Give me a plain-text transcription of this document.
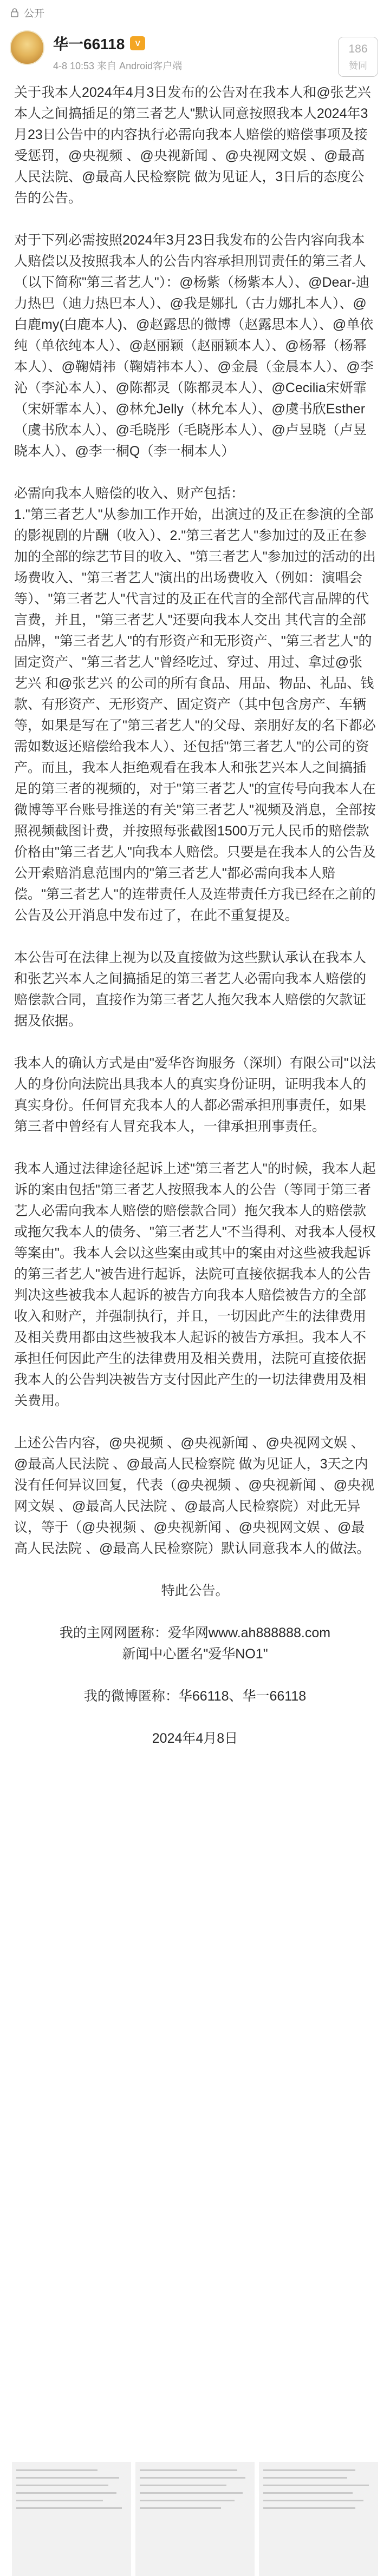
公开
华一66118	V
4-8 10:53 来自 Android客户端
186
赞同

关于我本人2024年4月3日发布的公告对在我本人和@张艺兴 本人之间搞插足的第三者艺人"默认同意按照我本人2024年3月23日公告中的内容执行必需向我本人赔偿的赔偿事项及接受惩罚，@央视频 、@央视新闻 、@央视网文娱 、@最高人民法院、@最高人民检察院 做为见证人，3日后的态度公告的公告。

对于下列必需按照2024年3月23日我发布的公告内容向我本人赔偿以及按照我本人的公告内容承担刑罚责任的第三者人（以下简称"第三者艺人"）：@杨紫（杨紫本人）、@Dear-迪力热巴（迪力热巴本人）、@我是娜扎（古力娜扎本人）、@白鹿my(白鹿本人)、@赵露思的微博（赵露思本人）、@单依纯（单依纯本人）、@赵丽颖（赵丽颖本人）、@杨幂（杨幂本人）、@鞠婧祎（鞠婧祎本人）、@金晨（金晨本人）、@李沁（李沁本人）、@陈都灵（陈都灵本人）、@Cecilia宋妍霏（宋妍霏本人）、@林允Jelly（林允本人）、@虞书欣Esther（虞书欣本人）、@毛晓彤（毛晓彤本人）、@卢昱晓（卢昱晓本人）、@李一桐Q（李一桐本人）

必需向我本人赔偿的收入、财产包括：
1."第三者艺人"从参加工作开始，出演过的及正在参演的全部的影视剧的片酬（收入）、2."第三者艺人"参加过的及正在参加的全部的综艺节目的收入、"第三者艺人"参加过的活动的出场费收入、"第三者艺人"演出的出场费收入（例如：演唱会等）、"第三者艺人"代言过的及正在代言的全部代言品牌的代言费，并且，"第三者艺人"还要向我本人交出 其代言的全部品牌，"第三者艺人"的有形资产和无形资产、"第三者艺人"的固定资产、"第三者艺人"曾经吃过、穿过、用过、拿过@张艺兴 和@张艺兴 的公司的所有食品、用品、物品、礼品、钱款、有形资产、无形资产、固定资产（其中包含房产、车辆等，如果是写在了"第三者艺人"的父母、亲朋好友的名下都必需如数返还赔偿给我本人）、还包括"第三者艺人"的公司的资产。而且，我本人拒绝观看在我本人和张艺兴本人之间搞插足的第三者的视频的，对于"第三者艺人"的宣传号向我本人在微博等平台账号推送的有关"第三者艺人"视频及消息，全部按照视频截图计费，并按照每张截图1500万元人民币的赔偿款价格由"第三者艺人"向我本人赔偿。只要是在我本人的公告及公开索赔消息范围内的"第三者艺人"都必需向我本人赔偿。"第三者艺人"的连带责任人及连带责任方我已经在之前的公告及公开消息中发布过了，在此不重复提及。

本公告可在法律上视为以及直接做为这些默认承认在我本人和张艺兴本人之间搞插足的第三者艺人必需向我本人赔偿的赔偿款合同，直接作为第三者艺人拖欠我本人赔偿的欠款证据及依据。

我本人的确认方式是由"爱华咨询服务（深圳）有限公司"以法人的身份向法院出具我本人的真实身份证明，证明我本人的真实身份。任何冒充我本人的人都必需承担刑事责任，如果第三者中曾经有人冒充我本人，一律承担刑事责任。

我本人通过法律途径起诉上述"第三者艺人"的时候，我本人起诉的案由包括"第三者艺人按照我本人的公告（等同于第三者艺人必需向我本人赔偿的赔偿款合同）拖欠我本人的赔偿款或拖欠我本人的债务、"第三者艺人"不当得利、对我本人侵权等案由"。我本人会以这些案由或其中的案由对这些被我起诉的第三者艺人"被告进行起诉，法院可直接依据我本人的公告判决这些被我本人起诉的被告方向我本人赔偿被告方的全部收入和财产，并强制执行，并且，一切因此产生的法律费用及相关费用都由这些被我本人起诉的被告方承担。我本人不承担任何因此产生的法律费用及相关费用，法院可直接依据我本人的公告判决被告方支付因此产生的一切法律费用及相关费用。

上述公告内容，@央视频 、@央视新闻 、@央视网文娱 、@最高人民法院 、@最高人民检察院 做为见证人，3天之内没有任何异议回复，代表（@央视频 、@央视新闻 、@央视网文娱 、@最高人民法院 、@最高人民检察院）对此无异议，等于（@央视频 、@央视新闻 、@央视网文娱 、@最高人民法院 、@最高人民检察院）默认同意我本人的做法。

特此公告。

我的主网网匿称：爱华网www.ah888888.com
新闻中心匿名"爱华NO1"

我的微博匿称：华66118、华一66118

2024年4月8日
